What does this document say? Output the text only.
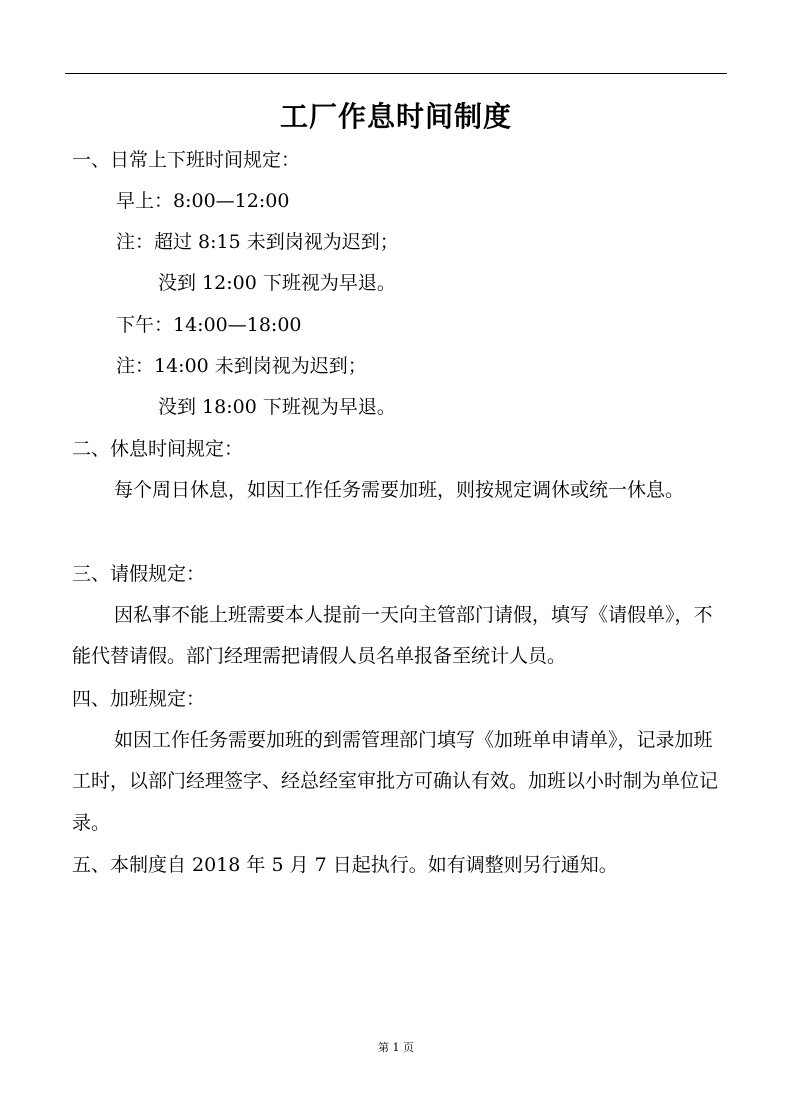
工厂作息时间制度
一、日常上下班时间规定：
早上：8:00—12:00
注：超过 8:15 未到岗视为迟到；
没到 12:00 下班视为早退。
下午：14:00—18:00
注：14:00 未到岗视为迟到；
没到 18:00 下班视为早退。
二、休息时间规定：
每个周日休息，如因工作任务需要加班，则按规定调休或统一休息。
三、请假规定：
因私事不能上班需要本人提前一天向主管部门请假，填写《请假单》，不能代替请假。部门经理需把请假人员名单报备至统计人员。
四、加班规定：
如因工作任务需要加班的到需管理部门填写《加班单申请单》，记录加班工时，以部门经理签字、经总经室审批方可确认有效。加班以小时制为单位记录。
五、本制度自 2018 年 5 月 7 日起执行。如有调整则另行通知。
第 1 页
